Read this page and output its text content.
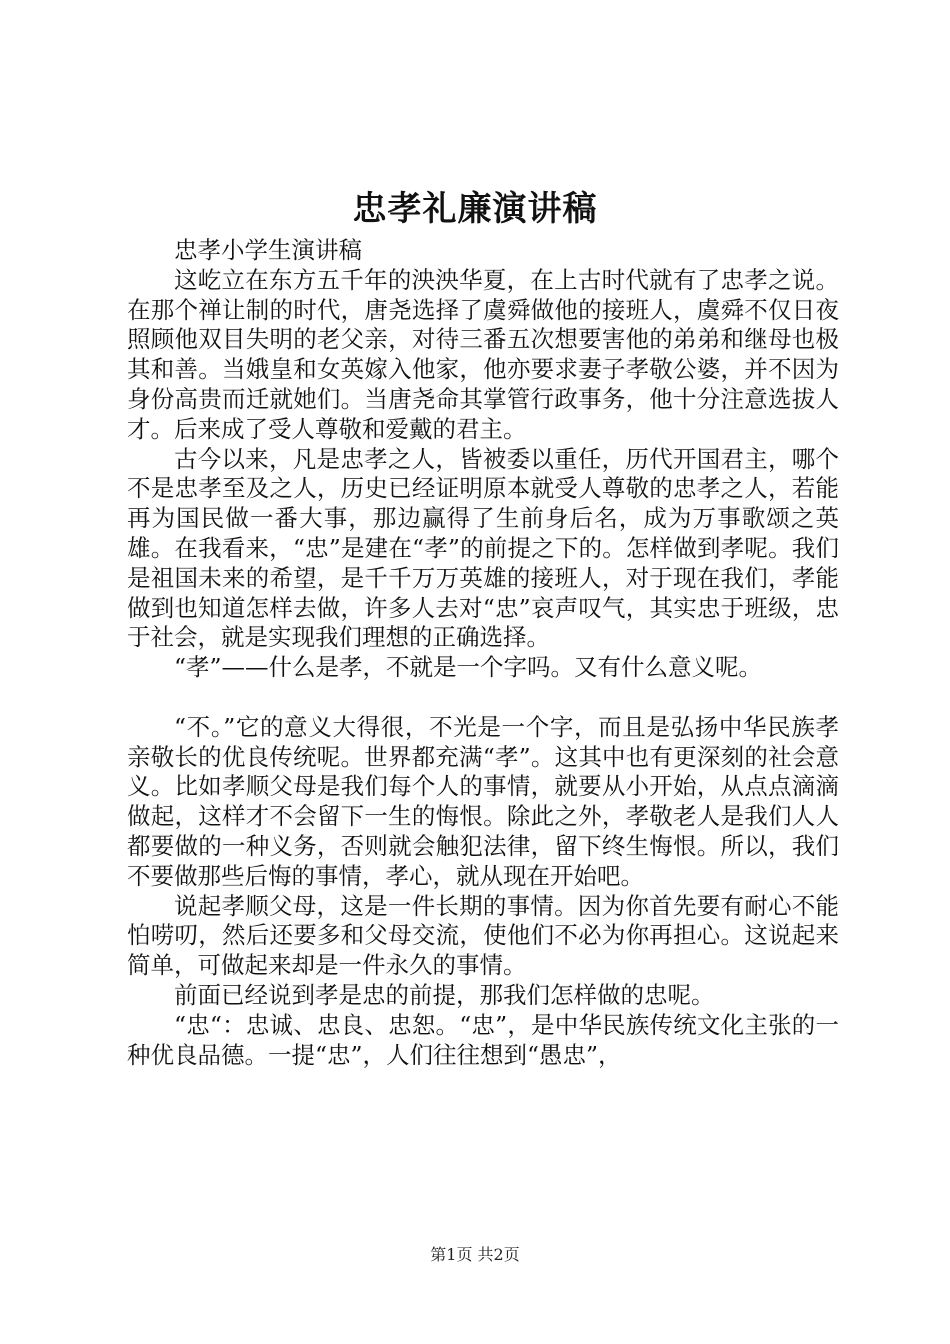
忠孝礼廉演讲稿

忠孝小学生演讲稿

这屹立在东方五千年的泱泱华夏，在上古时代就有了忠孝之说。在那个禅让制的时代，唐尧选择了虞舜做他的接班人，虞舜不仅日夜照顾他双目失明的老父亲，对待三番五次想要害他的弟弟和继母也极其和善。当娥皇和女英嫁入他家，他亦要求妻子孝敬公婆，并不因为身份高贵而迁就她们。当唐尧命其掌管行政事务，他十分注意选拔人才。后来成了受人尊敬和爱戴的君主。

古今以来，凡是忠孝之人，皆被委以重任，历代开国君主，哪个不是忠孝至及之人，历史已经证明原本就受人尊敬的忠孝之人，若能再为国民做一番大事，那边赢得了生前身后名，成为万事歌颂之英雄。在我看来，“忠”是建在“孝”的前提之下的。怎样做到孝呢。我们是祖国未来的希望，是千千万万英雄的接班人，对于现在我们，孝能做到也知道怎样去做，许多人去对“忠”哀声叹气，其实忠于班级，忠于社会，就是实现我们理想的正确选择。

“孝”——什么是孝，不就是一个字吗。又有什么意义呢。

“不。”它的意义大得很，不光是一个字，而且是弘扬中华民族孝亲敬长的优良传统呢。世界都充满“孝”。这其中也有更深刻的社会意义。比如孝顺父母是我们每个人的事情，就要从小开始，从点点滴滴做起，这样才不会留下一生的悔恨。除此之外，孝敬老人是我们人人都要做的一种义务，否则就会触犯法律，留下终生悔恨。所以，我们不要做那些后悔的事情，孝心，就从现在开始吧。

说起孝顺父母，这是一件长期的事情。因为你首先要有耐心不能怕唠叨，然后还要多和父母交流，使他们不必为你再担心。这说起来简单，可做起来却是一件永久的事情。

前面已经说到孝是忠的前提，那我们怎样做的忠呢。

“忠“：忠诚、忠良、忠恕。“忠”，是中华民族传统文化主张的一种优良品德。一提“忠”，人们往往想到“愚忠”，

第1页 共2页
